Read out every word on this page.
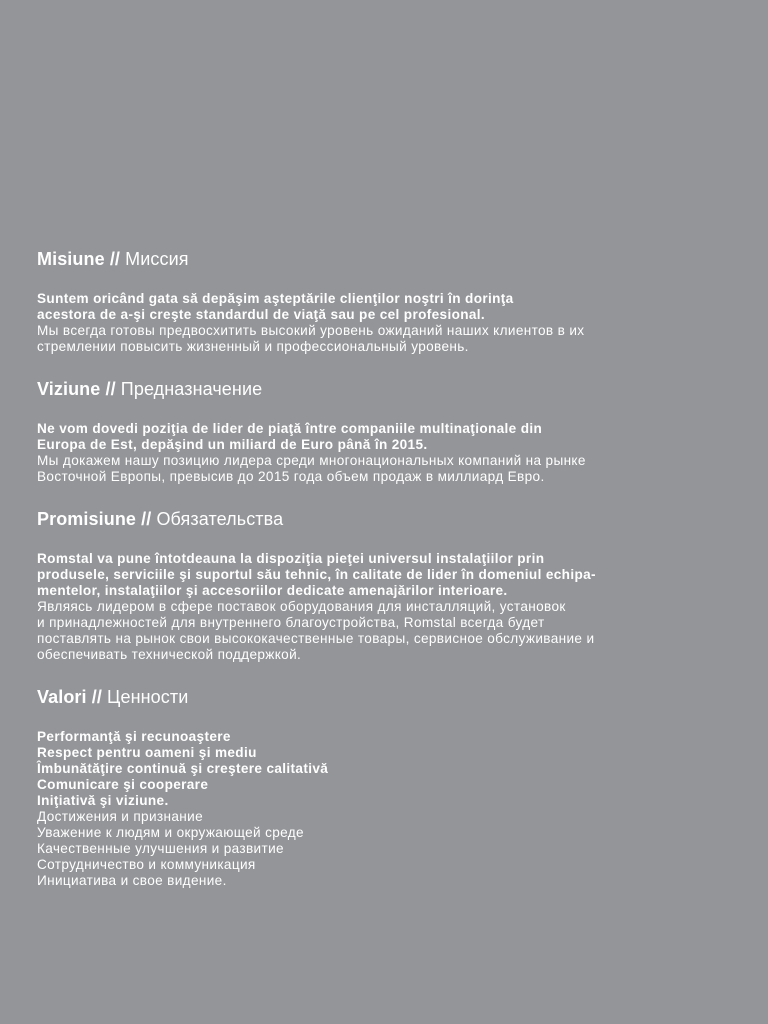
Misiune // Миссия
Suntem oricând gata să depăşim aşteptările clienţilor noştri în dorinţa
acestora de a-şi creşte standardul de viaţă sau pe cel profesional.
Мы всегда готовы предвосхитить высокий уровень ожиданий наших клиентов в их
стремлении повысить жизненный и профессиональный уровень.
Viziune // Предназначение
Ne vom dovedi poziţia de lider de piaţă între companiile multinaţionale din
Europa de Est, depăşind un miliard de Euro până în 2015.
Мы докажем нашу позицию лидера среди многонациональных компаний на рынке
Восточной Европы, превысив до 2015 года объем продаж в миллиард Евро.
Promisiune // Обязательства
Romstal va pune întotdeauna la dispoziţia pieţei universul instalaţiilor prin
produsele, serviciile şi suportul său tehnic, în calitate de lider în domeniul echipa-
mentelor, instalaţiilor şi accesoriilor dedicate amenajărilor interioare.
Являясь лидером в сфере поставок оборудования для инсталляций, установок
и принадлежностей для внутреннего благоустройства, Romstal всегда будет
поставлять на рынок свои высококачественные товары, сервисное обслуживание и
обеспечивать технической поддержкой.
Valori // Ценности
Performanţă şi recunoaştere
Respect pentru oameni şi mediu
Îmbunătăţire continuă şi creştere calitativă
Comunicare şi cooperare
Iniţiativă şi viziune.
Достижения и признание
Уважение к людям и окружающей среде
Качественные улучшения и развитие
Сотрудничество и коммуникация
Инициатива и свое видение.
